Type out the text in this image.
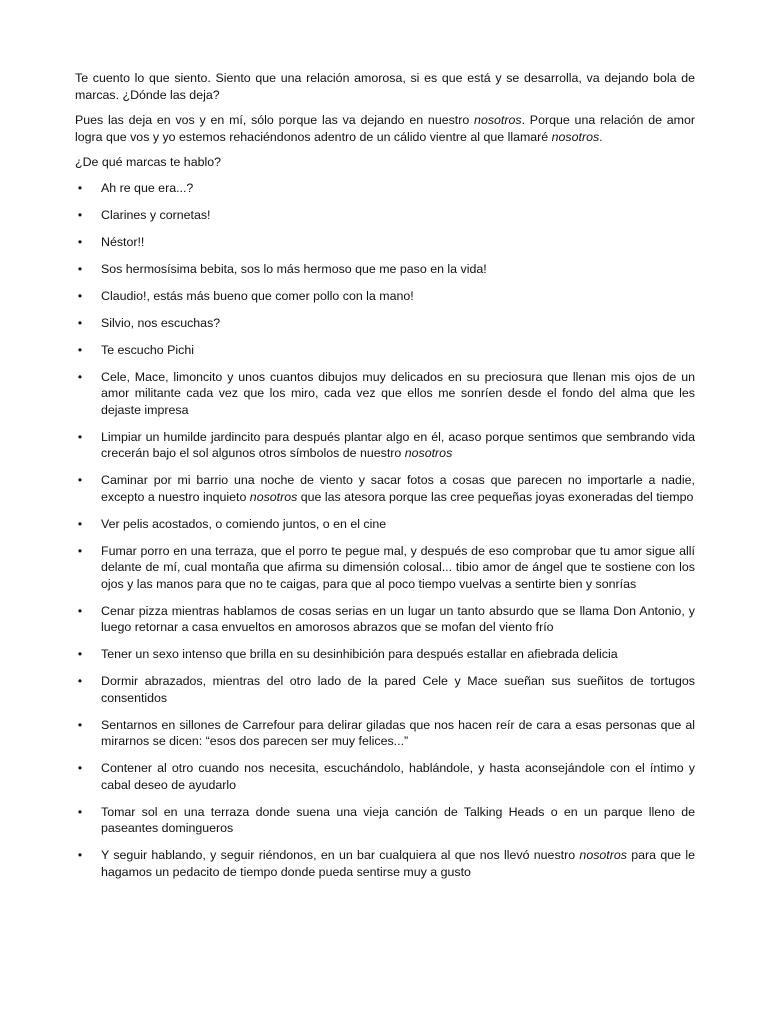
Te cuento lo que siento. Siento que una relación amorosa, si es que está y se desarrolla, va dejando bola de marcas. ¿Dónde las deja?

Pues las deja en vos y en mí, sólo porque las va dejando en nuestro nosotros. Porque una relación de amor logra que vos y yo estemos rehaciéndonos adentro de un cálido vientre al que llamaré nosotros.

¿De qué marcas te hablo?

• Ah re que era...?
• Clarines y cornetas!
• Néstor!!
• Sos hermosísima bebita, sos lo más hermoso que me paso en la vida!
• Claudio!, estás más bueno que comer pollo con la mano!
• Silvio, nos escuchas?
• Te escucho Pichi
• Cele, Mace, limoncito y unos cuantos dibujos muy delicados en su preciosura que llenan mis ojos de un amor militante cada vez que los miro, cada vez que ellos me sonríen desde el fondo del alma que les dejaste impresa
• Limpiar un humilde jardincito para después plantar algo en él, acaso porque sentimos que sembrando vida crecerán bajo el sol algunos otros símbolos de nuestro nosotros
• Caminar por mi barrio una noche de viento y sacar fotos a cosas que parecen no importarle a nadie, excepto a nuestro inquieto nosotros que las atesora porque las cree pequeñas joyas exoneradas del tiempo
• Ver pelis acostados, o comiendo juntos, o en el cine
• Fumar porro en una terraza, que el porro te pegue mal, y después de eso comprobar que tu amor sigue allí delante de mí, cual montaña que afirma su dimensión colosal... tibio amor de ángel que te sostiene con los ojos y las manos para que no te caigas, para que al poco tiempo vuelvas a sentirte bien y sonrías
• Cenar pizza mientras hablamos de cosas serias en un lugar un tanto absurdo que se llama Don Antonio, y luego retornar a casa envueltos en amorosos abrazos que se mofan del viento frío
• Tener un sexo intenso que brilla en su desinhibición para después estallar en afiebrada delicia
• Dormir abrazados, mientras del otro lado de la pared Cele y Mace sueñan sus sueñitos de tortugos consentidos
• Sentarnos en sillones de Carrefour para delirar giladas que nos hacen reír de cara a esas personas que al mirarnos se dicen: “esos dos parecen ser muy felices...”
• Contener al otro cuando nos necesita, escuchándolo, hablándole, y hasta aconsejándole con el íntimo y cabal deseo de ayudarlo
• Tomar sol en una terraza donde suena una vieja canción de Talking Heads o en un parque lleno de paseantes domingueros
• Y seguir hablando, y seguir riéndonos, en un bar cualquiera al que nos llevó nuestro nosotros para que le hagamos un pedacito de tiempo donde pueda sentirse muy a gusto
